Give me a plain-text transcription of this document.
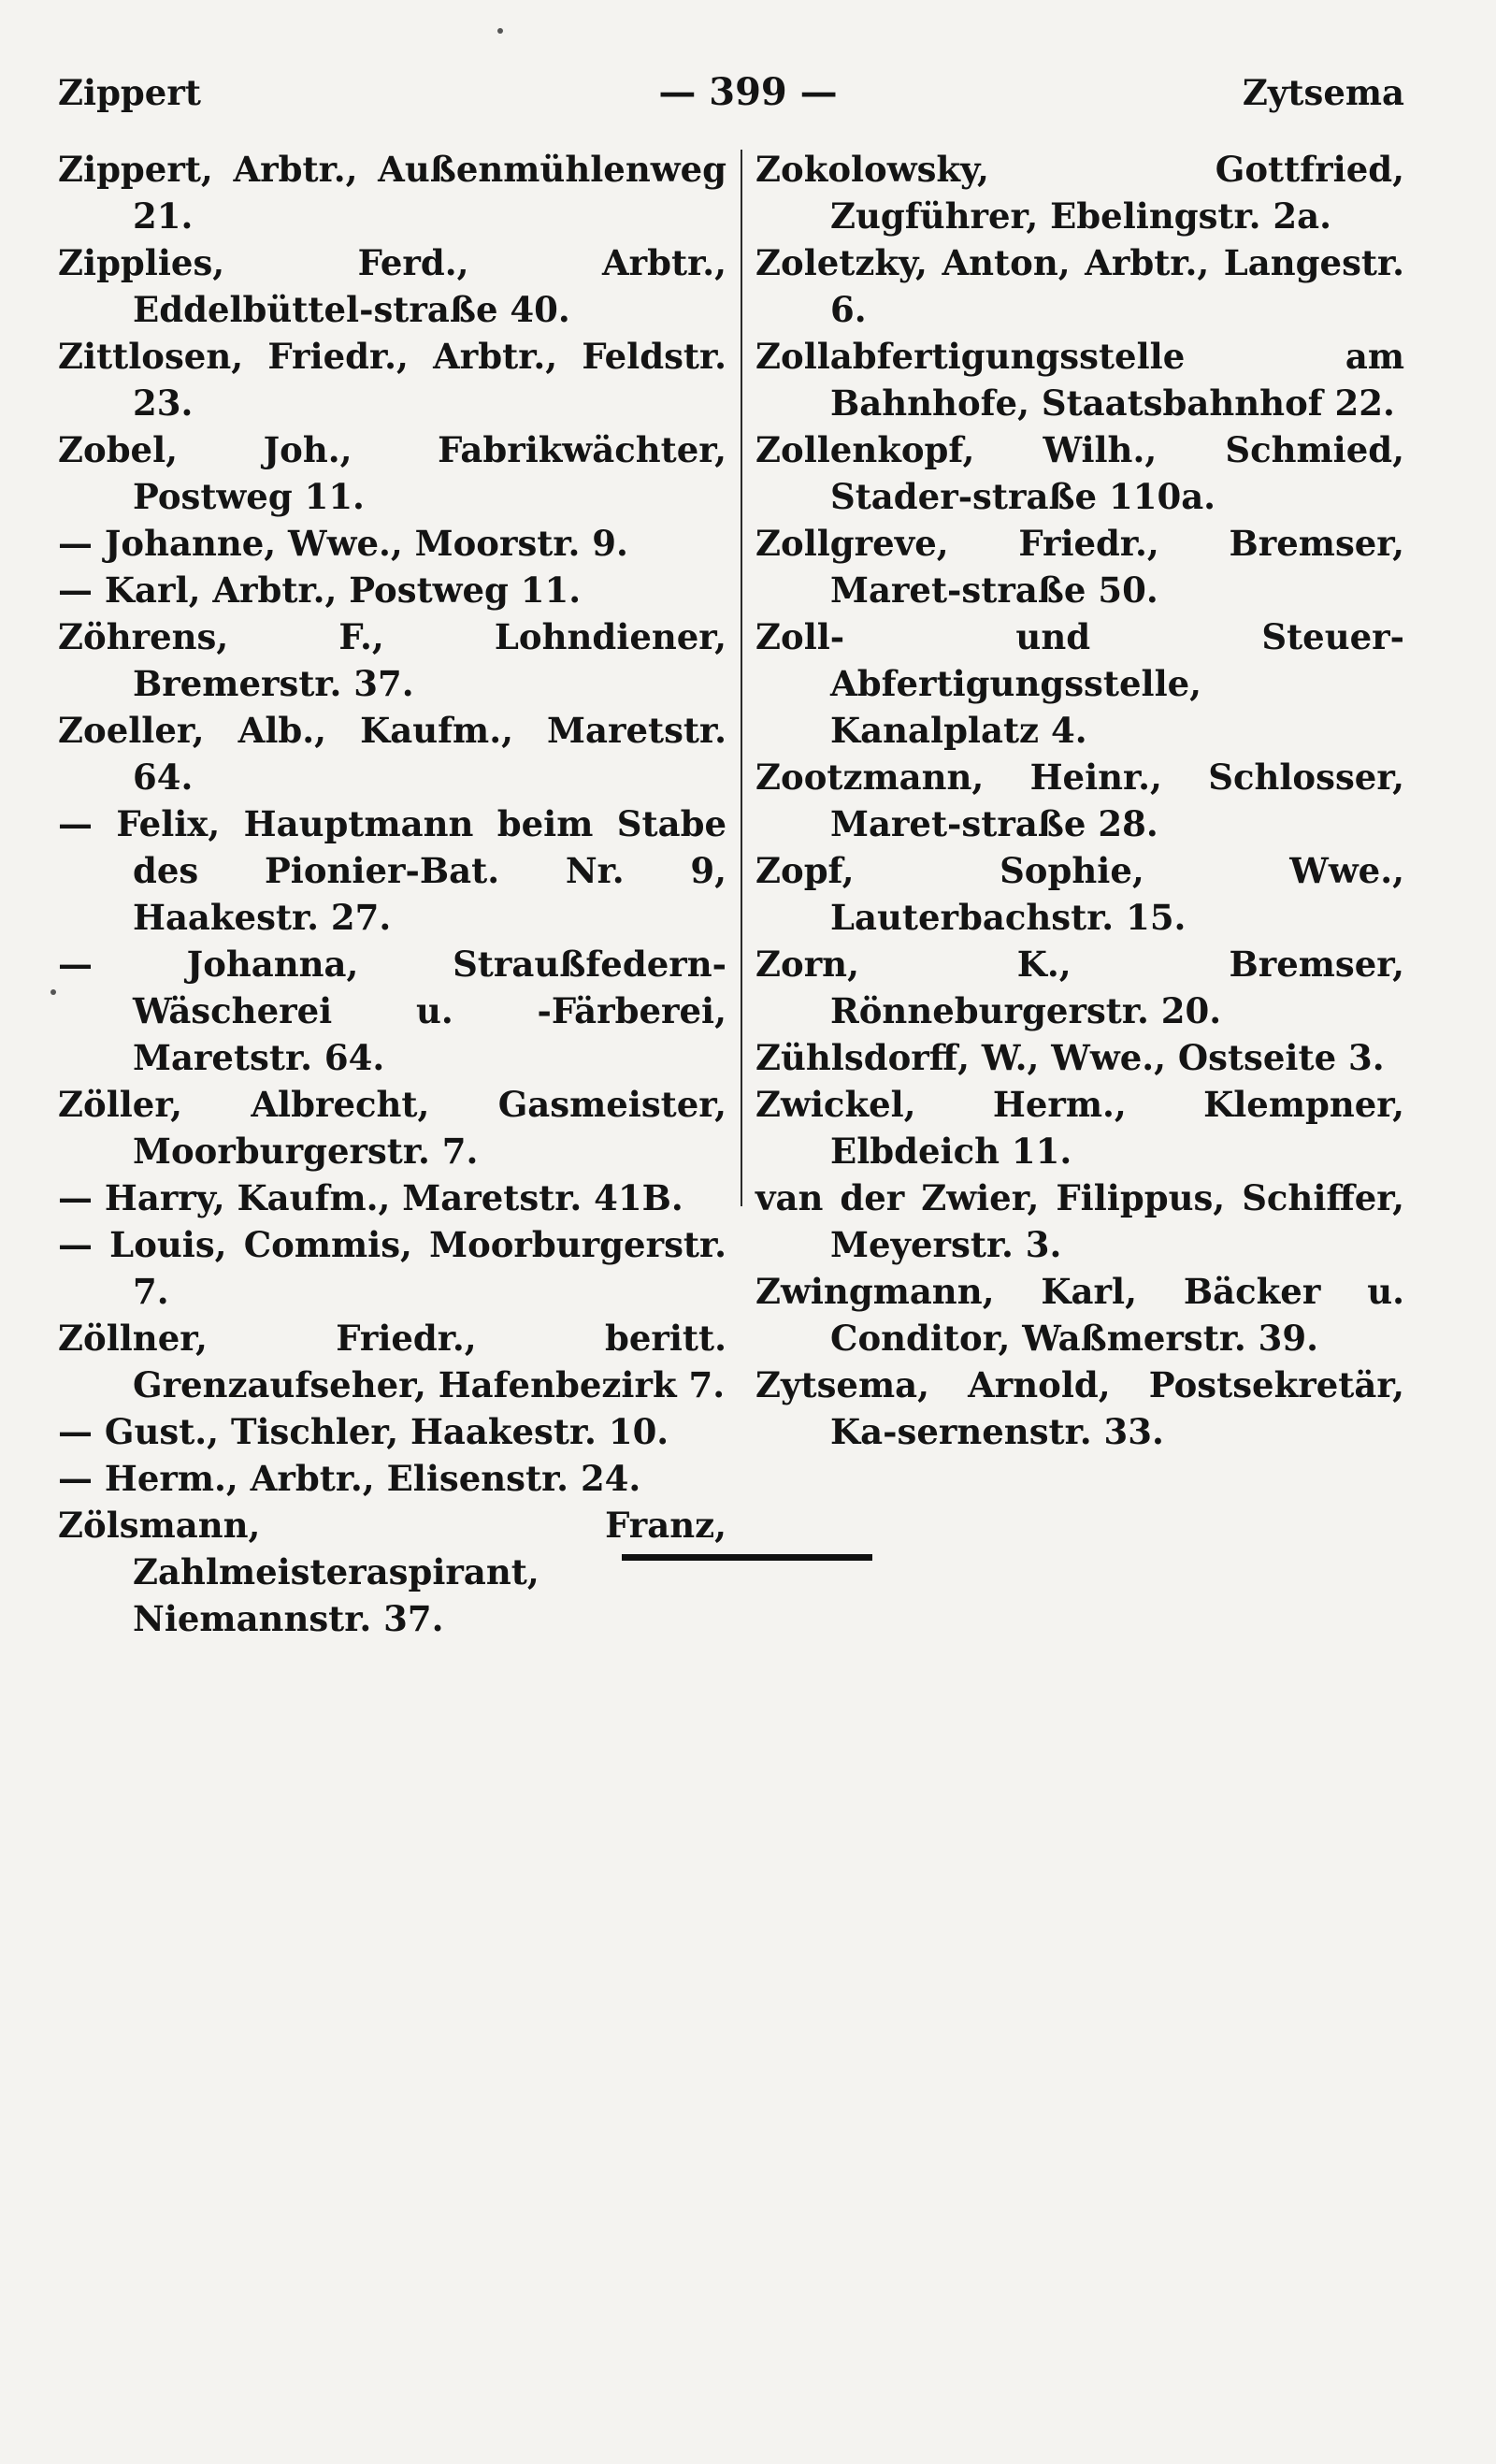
Zippert	— 399 —	Zytsema
Zippert, Arbtr., Außenmühlenweg 21.
Zipplies, Ferd., Arbtr., Eddelbüttel-straße 40.
Zittlosen, Friedr., Arbtr., Feldstr. 23.
Zobel, Joh., Fabrikwächter, Postweg 11.
— Johanne, Wwe., Moorstr. 9.
— Karl, Arbtr., Postweg 11.
Zöhrens, F., Lohndiener, Bremerstr. 37.
Zoeller, Alb., Kaufm., Maretstr. 64.
— Felix, Hauptmann beim Stabe des Pionier-Bat. Nr. 9, Haakestr. 27.
— Johanna, Straußfedern-Wäscherei u. -Färberei, Maretstr. 64.
Zöller, Albrecht, Gasmeister, Moorburgerstr. 7.
— Harry, Kaufm., Maretstr. 41B.
— Louis, Commis, Moorburgerstr. 7.
Zöllner, Friedr., beritt. Grenzaufseher, Hafenbezirk 7.
— Gust., Tischler, Haakestr. 10.
— Herm., Arbtr., Elisenstr. 24.
Zölsmann, Franz, Zahlmeisteraspirant, Niemannstr. 37.
Zokolowsky, Gottfried, Zugführer, Ebelingstr. 2a.
Zoletzky, Anton, Arbtr., Langestr. 6.
Zollabfertigungsstelle am Bahnhofe, Staatsbahnhof 22.
Zollenkopf, Wilh., Schmied, Stader-straße 110a.
Zollgreve, Friedr., Bremser, Maret-straße 50.
Zoll- und Steuer-Abfertigungsstelle, Kanalplatz 4.
Zootzmann, Heinr., Schlosser, Maret-straße 28.
Zopf, Sophie, Wwe., Lauterbachstr. 15.
Zorn, K., Bremser, Rönneburgerstr. 20.
Zühlsdorff, W., Wwe., Ostseite 3.
Zwickel, Herm., Klempner, Elbdeich 11.
van der Zwier, Filippus, Schiffer, Meyerstr. 3.
Zwingmann, Karl, Bäcker u. Conditor, Waßmerstr. 39.
Zytsema, Arnold, Postsekretär, Ka-sernenstr. 33.
